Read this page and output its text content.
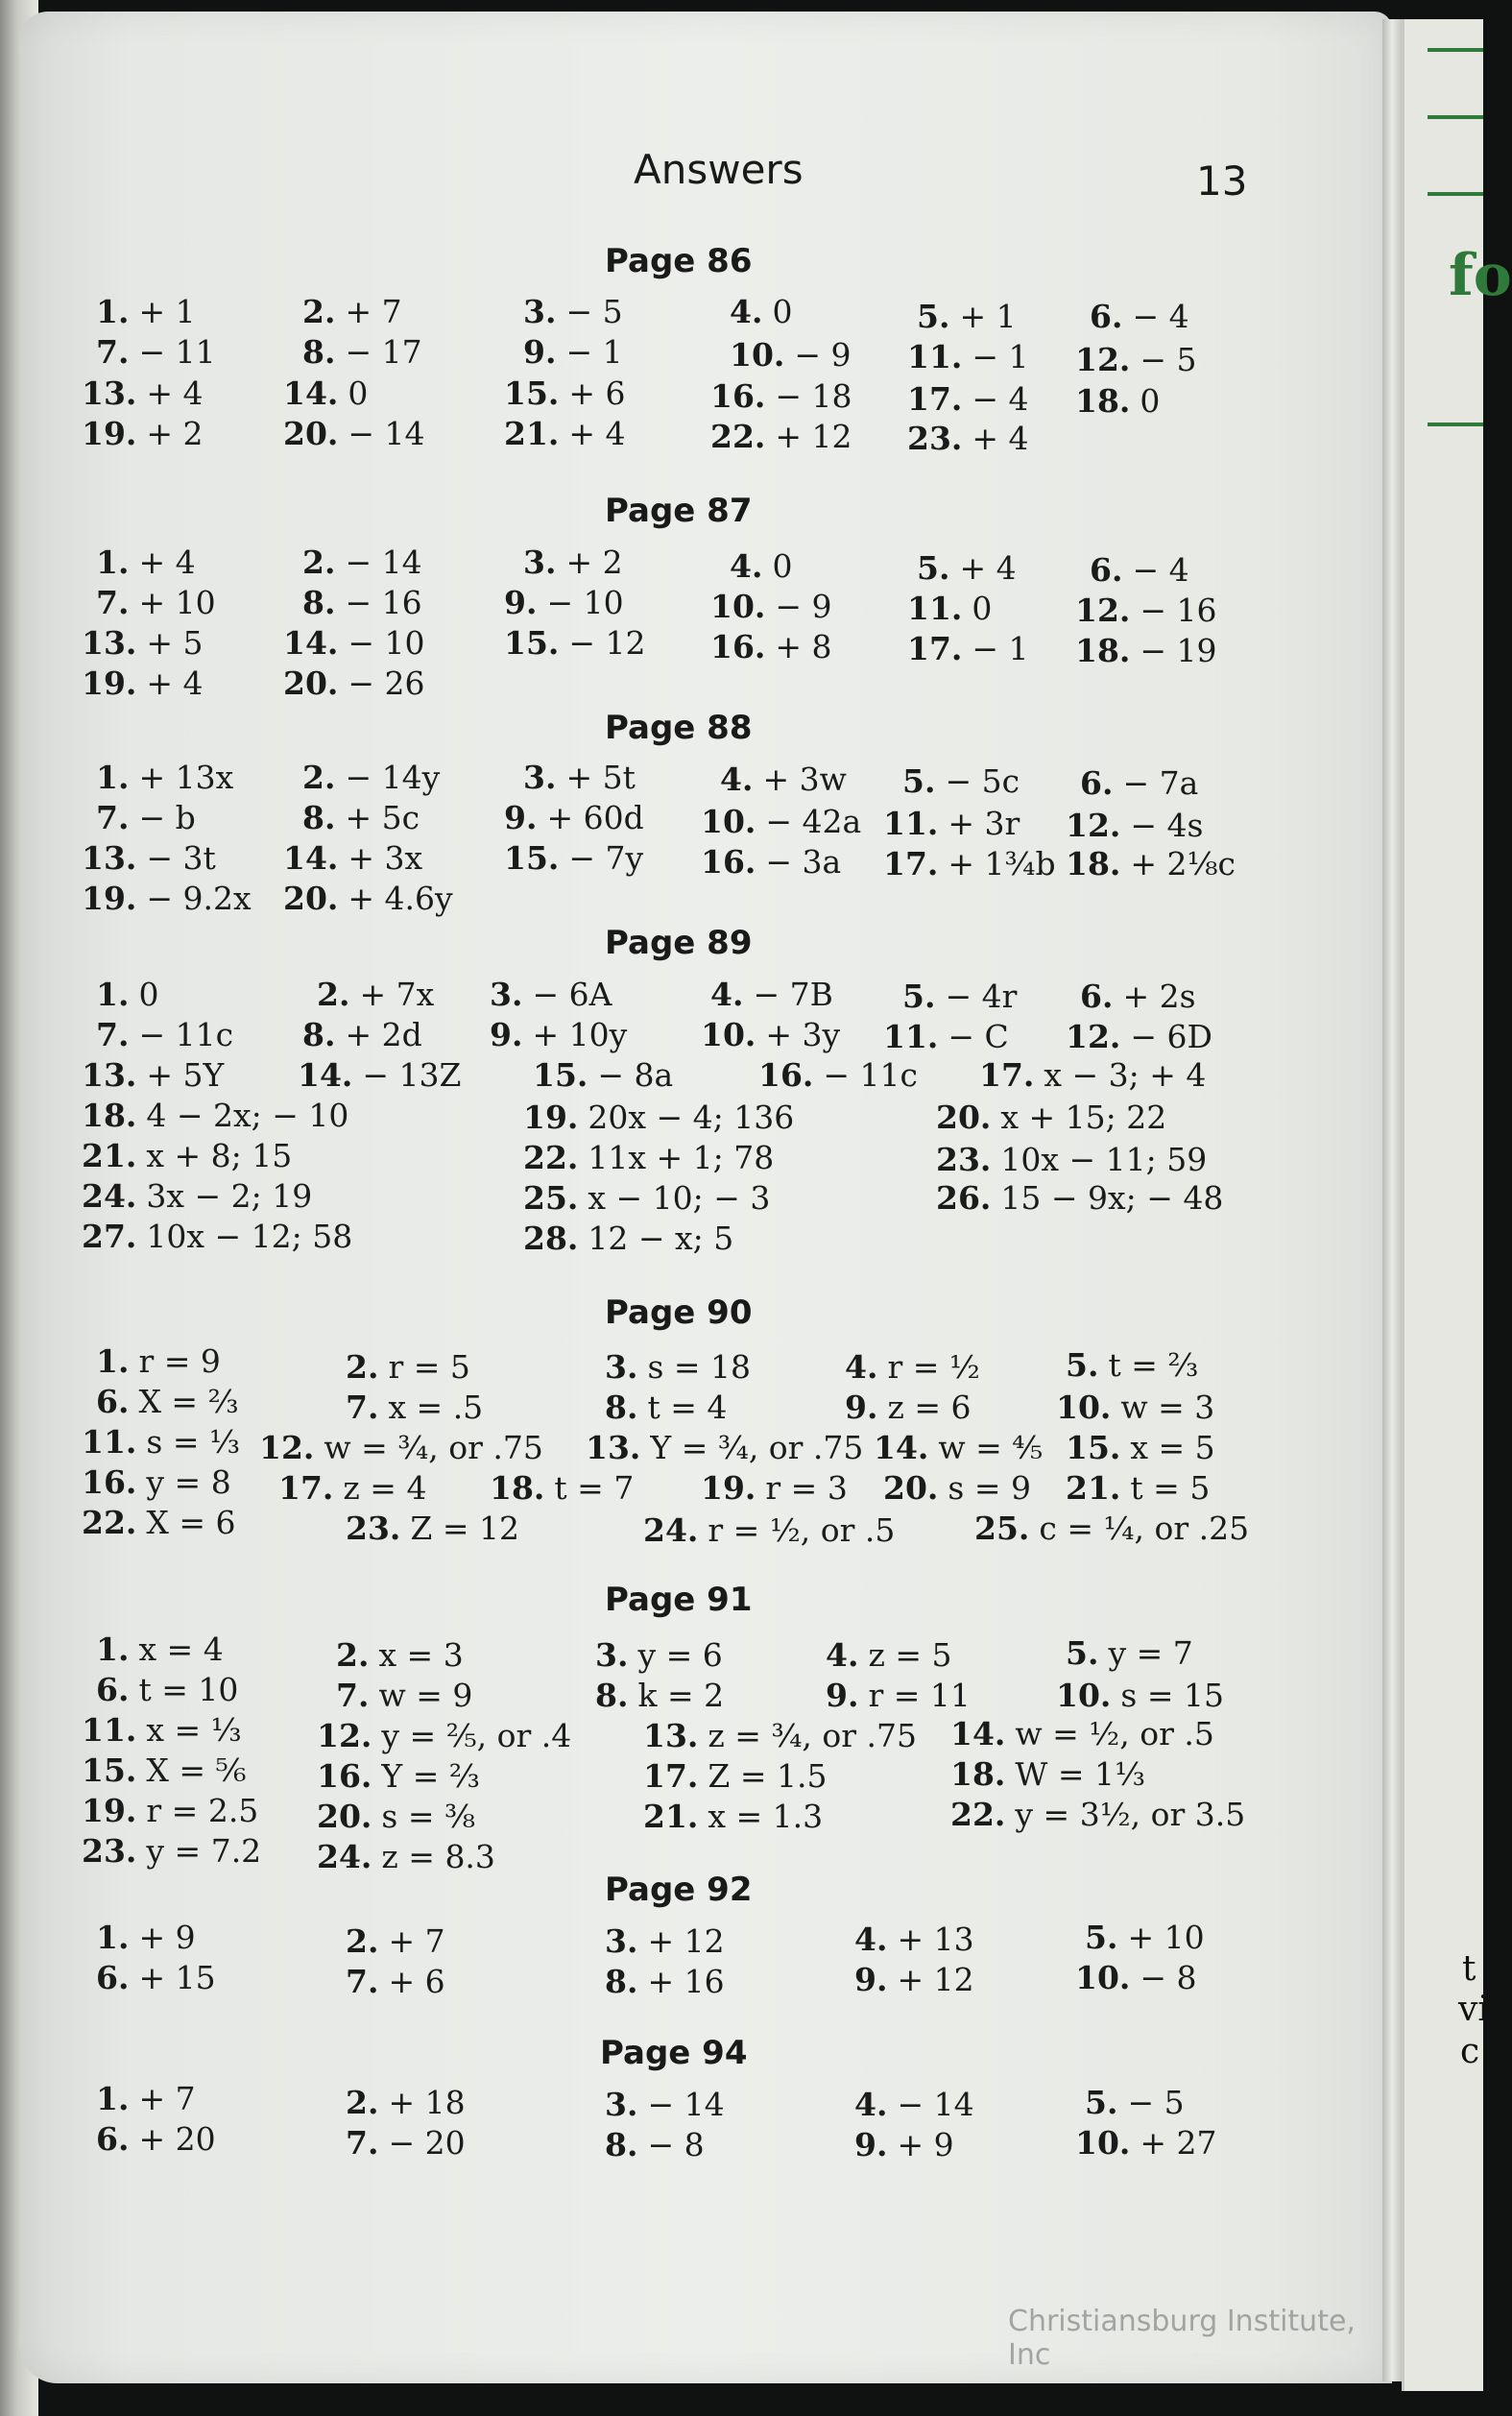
Answers	13
Page 86
1. + 1	2. + 7	3. − 5	4. 0	5. + 1 6. − 4
7. − 11	8. − 17	9. − 1	10. − 9 11. − 1 12. − 5
13. + 4	14. 0	15. + 6	16. − 18 17. − 4 18. 0
19. + 2	20. − 14 21. + 4	22. + 12 23. + 4
Page 87
1. + 4	2. − 14	3. + 2	4. 0	5. + 4 6. − 4
7. + 10	8. − 16	9. − 10	10. − 9 11. 0	12. − 16
13. + 5	14. − 10 15. − 12 16. + 8 17. − 1 18. − 19
19. + 4	20. − 26
Page 88
1. + 13x 2. − 14y	3. + 5t	4. + 3w 5. − 5c 6. − 7a
7. − b	8. + 5c	9. + 60d 10. − 42a 11. + 3r 12. − 4s
13. − 3t 14. + 3x	15. − 7y 16. − 3a 17. + 1¾b 18. + 2⅛c
19. − 9.2x 20. + 4.6y
Page 89
1. 0	2. + 7x 3. − 6A	4. − 7B 5. − 4r 6. + 2s
7. − 11c 8. + 2d 9. + 10y 10. + 3y 11. − C 12. − 6D
13. + 5Y 14. − 13Z 15. − 8a	16. − 11c 17. x − 3; + 4
18. 4 − 2x; − 10	19. 20x − 4; 136	20. x + 15; 22
21. x + 8; 15	22. 11x + 1; 78	23. 10x − 11; 59
24. 3x − 2; 19	25. x − 10; − 3	26. 15 − 9x; − 48
27. 10x − 12; 58	28. 12 − x; 5
Page 90
1. r = 9	2. r = 5	3. s = 18	4. r = ½	5. t = ⅔
6. X = ⅔	7. x = .5	8. t = 4	9. z = 6	10. w = 3
11. s = ⅓ 12. w = ¾, or .75 13. Y = ¾, or .75 14. w = ⅘ 15. x = 5
16. y = 8 17. z = 4 18. t = 7 19. r = 3 20. s = 9 21. t = 5
22. X = 6	23. Z = 12	24. r = ½, or .5	25. c = ¼, or .25
Page 91
1. x = 4	2. x = 3	3. y = 6	4. z = 5	5. y = 7
6. t = 10	7. w = 9	8. k = 2	9. r = 11	10. s = 15
11. x = ⅓ 12. y = ⅖, or .4 13. z = ¾, or .75 14. w = ½, or .5
15. X = ⅚ 16. Y = ⅔	17. Z = 1.5	18. W = 1⅓
19. r = 2.5 20. s = ⅜	21. x = 1.3	22. y = 3½, or 3.5
23. y = 7.2 24. z = 8.3
Page 92
1. + 9	2. + 7	3. + 12	4. + 13	5. + 10
6. + 15	7. + 6	8. + 16	9. + 12	10. − 8
Page 94
1. + 7	2. + 18	3. − 14	4. − 14	5. − 5
6. + 20	7. − 20	8. − 8	9. + 9	10. + 27
Christiansburg Institute, Inc
fo
t
vi
c
